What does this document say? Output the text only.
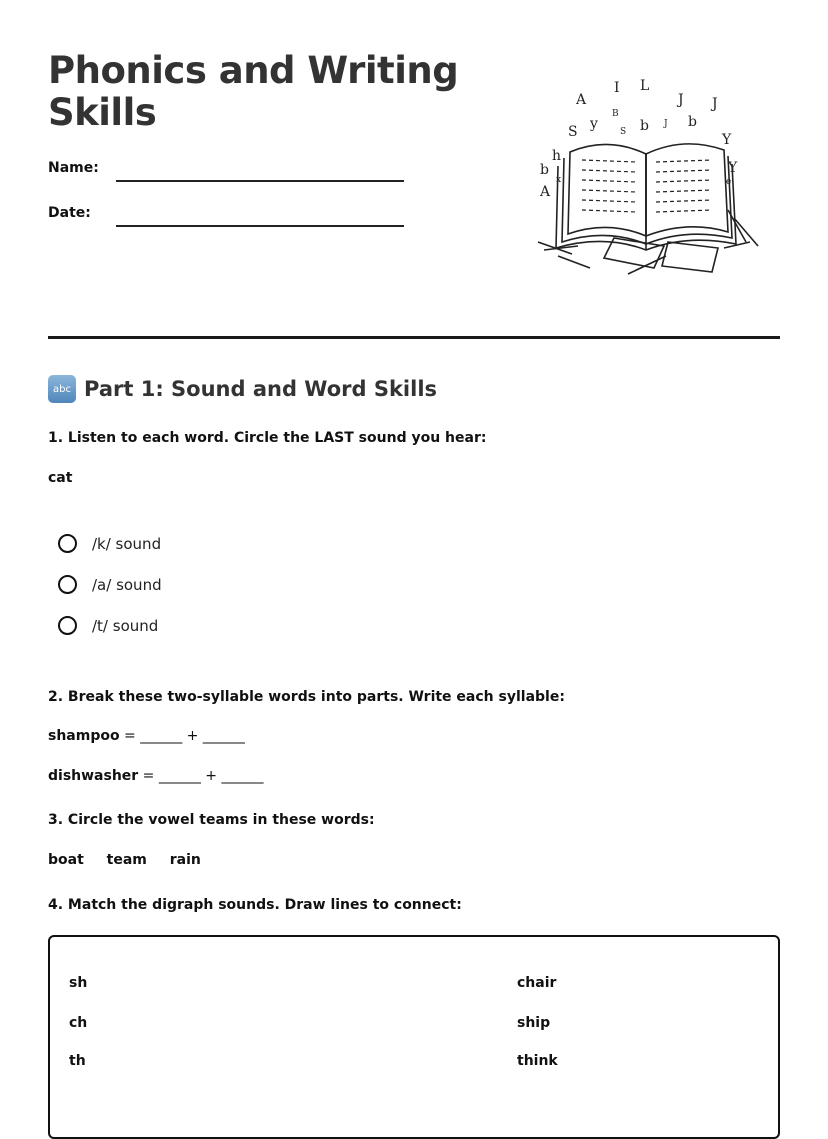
Phonics and Writing Skills
Name:
Date:
A
I L
J J
Y
y
S
h
b
A
b	b
Y
B
S
J
e
x
abc Part 1: Sound and Word Skills
1. Listen to each word. Circle the LAST sound you hear:
cat
/k/ sound
/a/ sound
/t/ sound
2. Break these two-syllable words into parts. Write each syllable:
shampoo = ______ + ______
dishwasher = ______ + ______
3. Circle the vowel teams in these words:
boat team rain
4. Match the digraph sounds. Draw lines to connect:
sh
ch
th
chair
ship
think
